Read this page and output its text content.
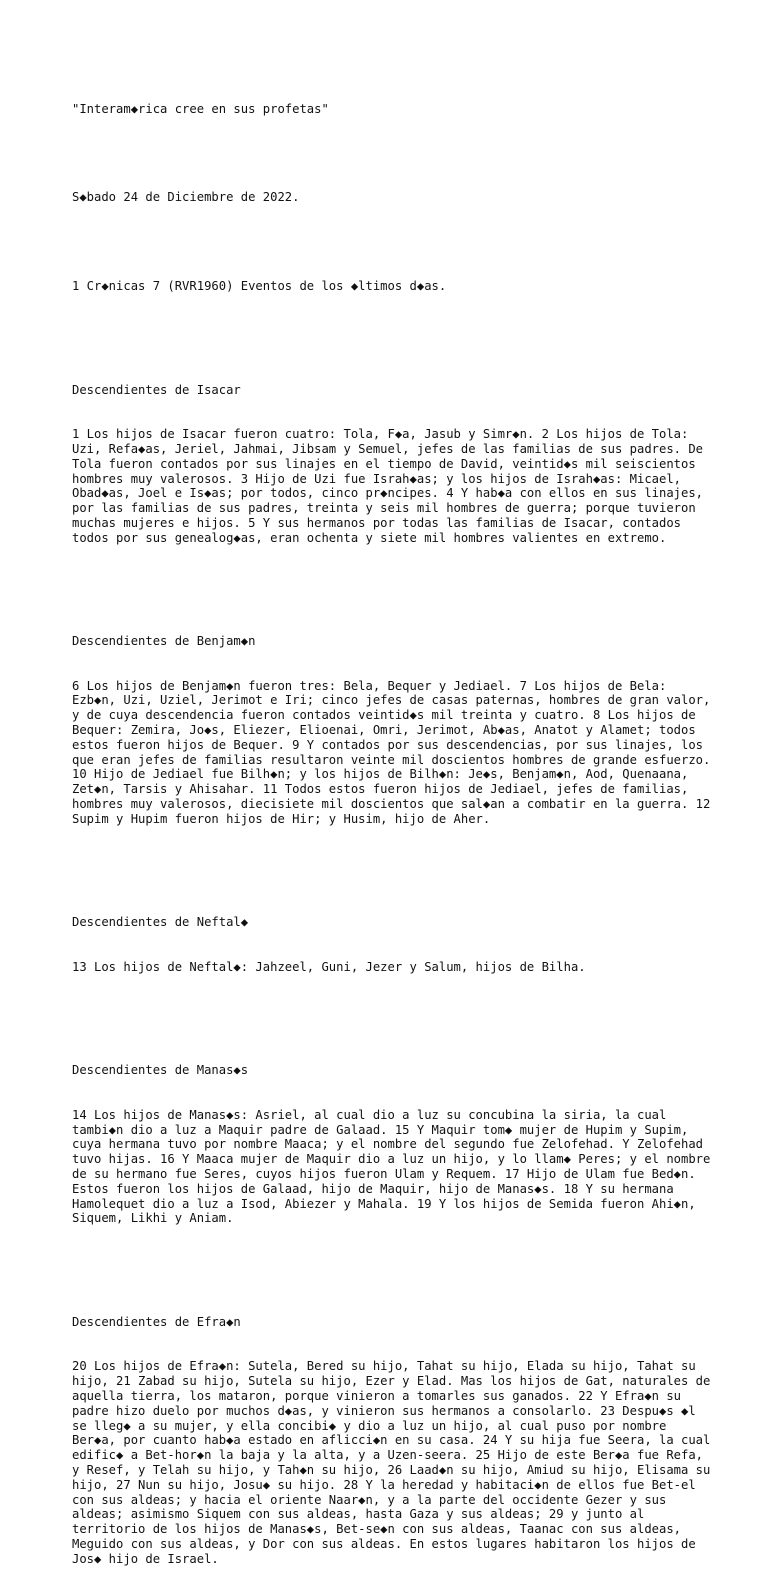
"Interam◆rica cree en sus profetas"

S◆bado 24 de Diciembre de 2022.

1 Cr◆nicas 7 (RVR1960) Eventos de los ◆ltimos d◆as.

Descendientes de Isacar

1 Los hijos de Isacar fueron cuatro: Tola, F◆a, Jasub y Simr◆n. 2 Los hijos de Tola: Uzi, Refa◆as, Jeriel, Jahmai, Jibsam y Semuel, jefes de las familias de sus padres. De Tola fueron contados por sus linajes en el tiempo de David, veintid◆s mil seiscientos hombres muy valerosos. 3 Hijo de Uzi fue Israh◆as; y los hijos de Israh◆as: Micael, Obad◆as, Joel e Is◆as; por todos, cinco pr◆ncipes. 4 Y hab◆a con ellos en sus linajes, por las familias de sus padres, treinta y seis mil hombres de guerra; porque tuvieron muchas mujeres e hijos. 5 Y sus hermanos por todas las familias de Isacar, contados todos por sus genealog◆as, eran ochenta y siete mil hombres valientes en extremo.

Descendientes de Benjam◆n

6 Los hijos de Benjam◆n fueron tres: Bela, Bequer y Jediael. 7 Los hijos de Bela: Ezb◆n, Uzi, Uziel, Jerimot e Iri; cinco jefes de casas paternas, hombres de gran valor, y de cuya descendencia fueron contados veintid◆s mil treinta y cuatro. 8 Los hijos de Bequer: Zemira, Jo◆s, Eliezer, Elioenai, Omri, Jerimot, Ab◆as, Anatot y Alamet; todos estos fueron hijos de Bequer. 9 Y contados por sus descendencias, por sus linajes, los que eran jefes de familias resultaron veinte mil doscientos hombres de grande esfuerzo. 10 Hijo de Jediael fue Bilh◆n; y los hijos de Bilh◆n: Je◆s, Benjam◆n, Aod, Quenaana, Zet◆n, Tarsis y Ahisahar. 11 Todos estos fueron hijos de Jediael, jefes de familias, hombres muy valerosos, diecisiete mil doscientos que sal◆an a combatir en la guerra. 12 Supim y Hupim fueron hijos de Hir; y Husim, hijo de Aher.

Descendientes de Neftal◆

13 Los hijos de Neftal◆: Jahzeel, Guni, Jezer y Salum, hijos de Bilha.

Descendientes de Manas◆s

14 Los hijos de Manas◆s: Asriel, al cual dio a luz su concubina la siria, la cual tambi◆n dio a luz a Maquir padre de Galaad. 15 Y Maquir tom◆ mujer de Hupim y Supim, cuya hermana tuvo por nombre Maaca; y el nombre del segundo fue Zelofehad. Y Zelofehad tuvo hijas. 16 Y Maaca mujer de Maquir dio a luz un hijo, y lo llam◆ Peres; y el nombre de su hermano fue Seres, cuyos hijos fueron Ulam y Requem. 17 Hijo de Ulam fue Bed◆n. Estos fueron los hijos de Galaad, hijo de Maquir, hijo de Manas◆s. 18 Y su hermana Hamolequet dio a luz a Isod, Abiezer y Mahala. 19 Y los hijos de Semida fueron Ahi◆n, Siquem, Likhi y Aniam.

Descendientes de Efra◆n

20 Los hijos de Efra◆n: Sutela, Bered su hijo, Tahat su hijo, Elada su hijo, Tahat su hijo, 21 Zabad su hijo, Sutela su hijo, Ezer y Elad. Mas los hijos de Gat, naturales de aquella tierra, los mataron, porque vinieron a tomarles sus ganados. 22 Y Efra◆n su padre hizo duelo por muchos d◆as, y vinieron sus hermanos a consolarlo. 23 Despu◆s ◆l se lleg◆ a su mujer, y ella concibi◆ y dio a luz un hijo, al cual puso por nombre Ber◆a, por cuanto hab◆a estado en aflicci◆n en su casa. 24 Y su hija fue Seera, la cual edific◆ a Bet-hor◆n la baja y la alta, y a Uzen-seera. 25 Hijo de este Ber◆a fue Refa, y Resef, y Telah su hijo, y Tah◆n su hijo, 26 Laad◆n su hijo, Amiud su hijo, Elisama su hijo, 27 Nun su hijo, Josu◆ su hijo. 28 Y la heredad y habitaci◆n de ellos fue Bet-el con sus aldeas; y hacia el oriente Naar◆n, y a la parte del occidente Gezer y sus aldeas; asimismo Siquem con sus aldeas, hasta Gaza y sus aldeas; 29 y junto al territorio de los hijos de Manas◆s, Bet-se◆n con sus aldeas, Taanac con sus aldeas, Meguido con sus aldeas, y Dor con sus aldeas. En estos lugares habitaron los hijos de Jos◆ hijo de Israel.
